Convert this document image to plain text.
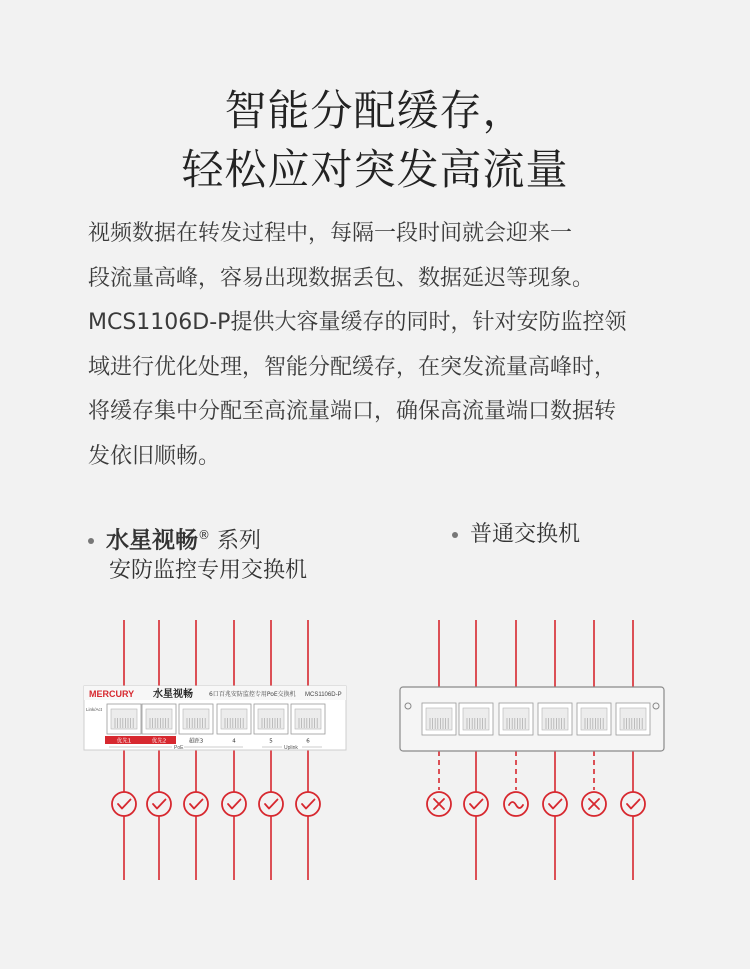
智能分配缓存，
轻松应对突发高流量

视频数据在转发过程中，每隔一段时间就会迎来一

段流量高峰，容易出现数据丢包、数据延迟等现象。

MCS1106D-P提供大容量缓存的同时，针对安防监控领

域进行优化处理，智能分配缓存，在突发流量高峰时，

将缓存集中分配至高流量端口，确保高流量端口数据转

发依旧顺畅。

水星视畅® 系列
安防监控专用交换机
普通交换机
MERCURY 水星视畅	6口百兆安防监控专用PoE交换机 MCS1106D-P
Link/Act
优先1	优先2	超距3	4	5	6
PoE	Uplink
